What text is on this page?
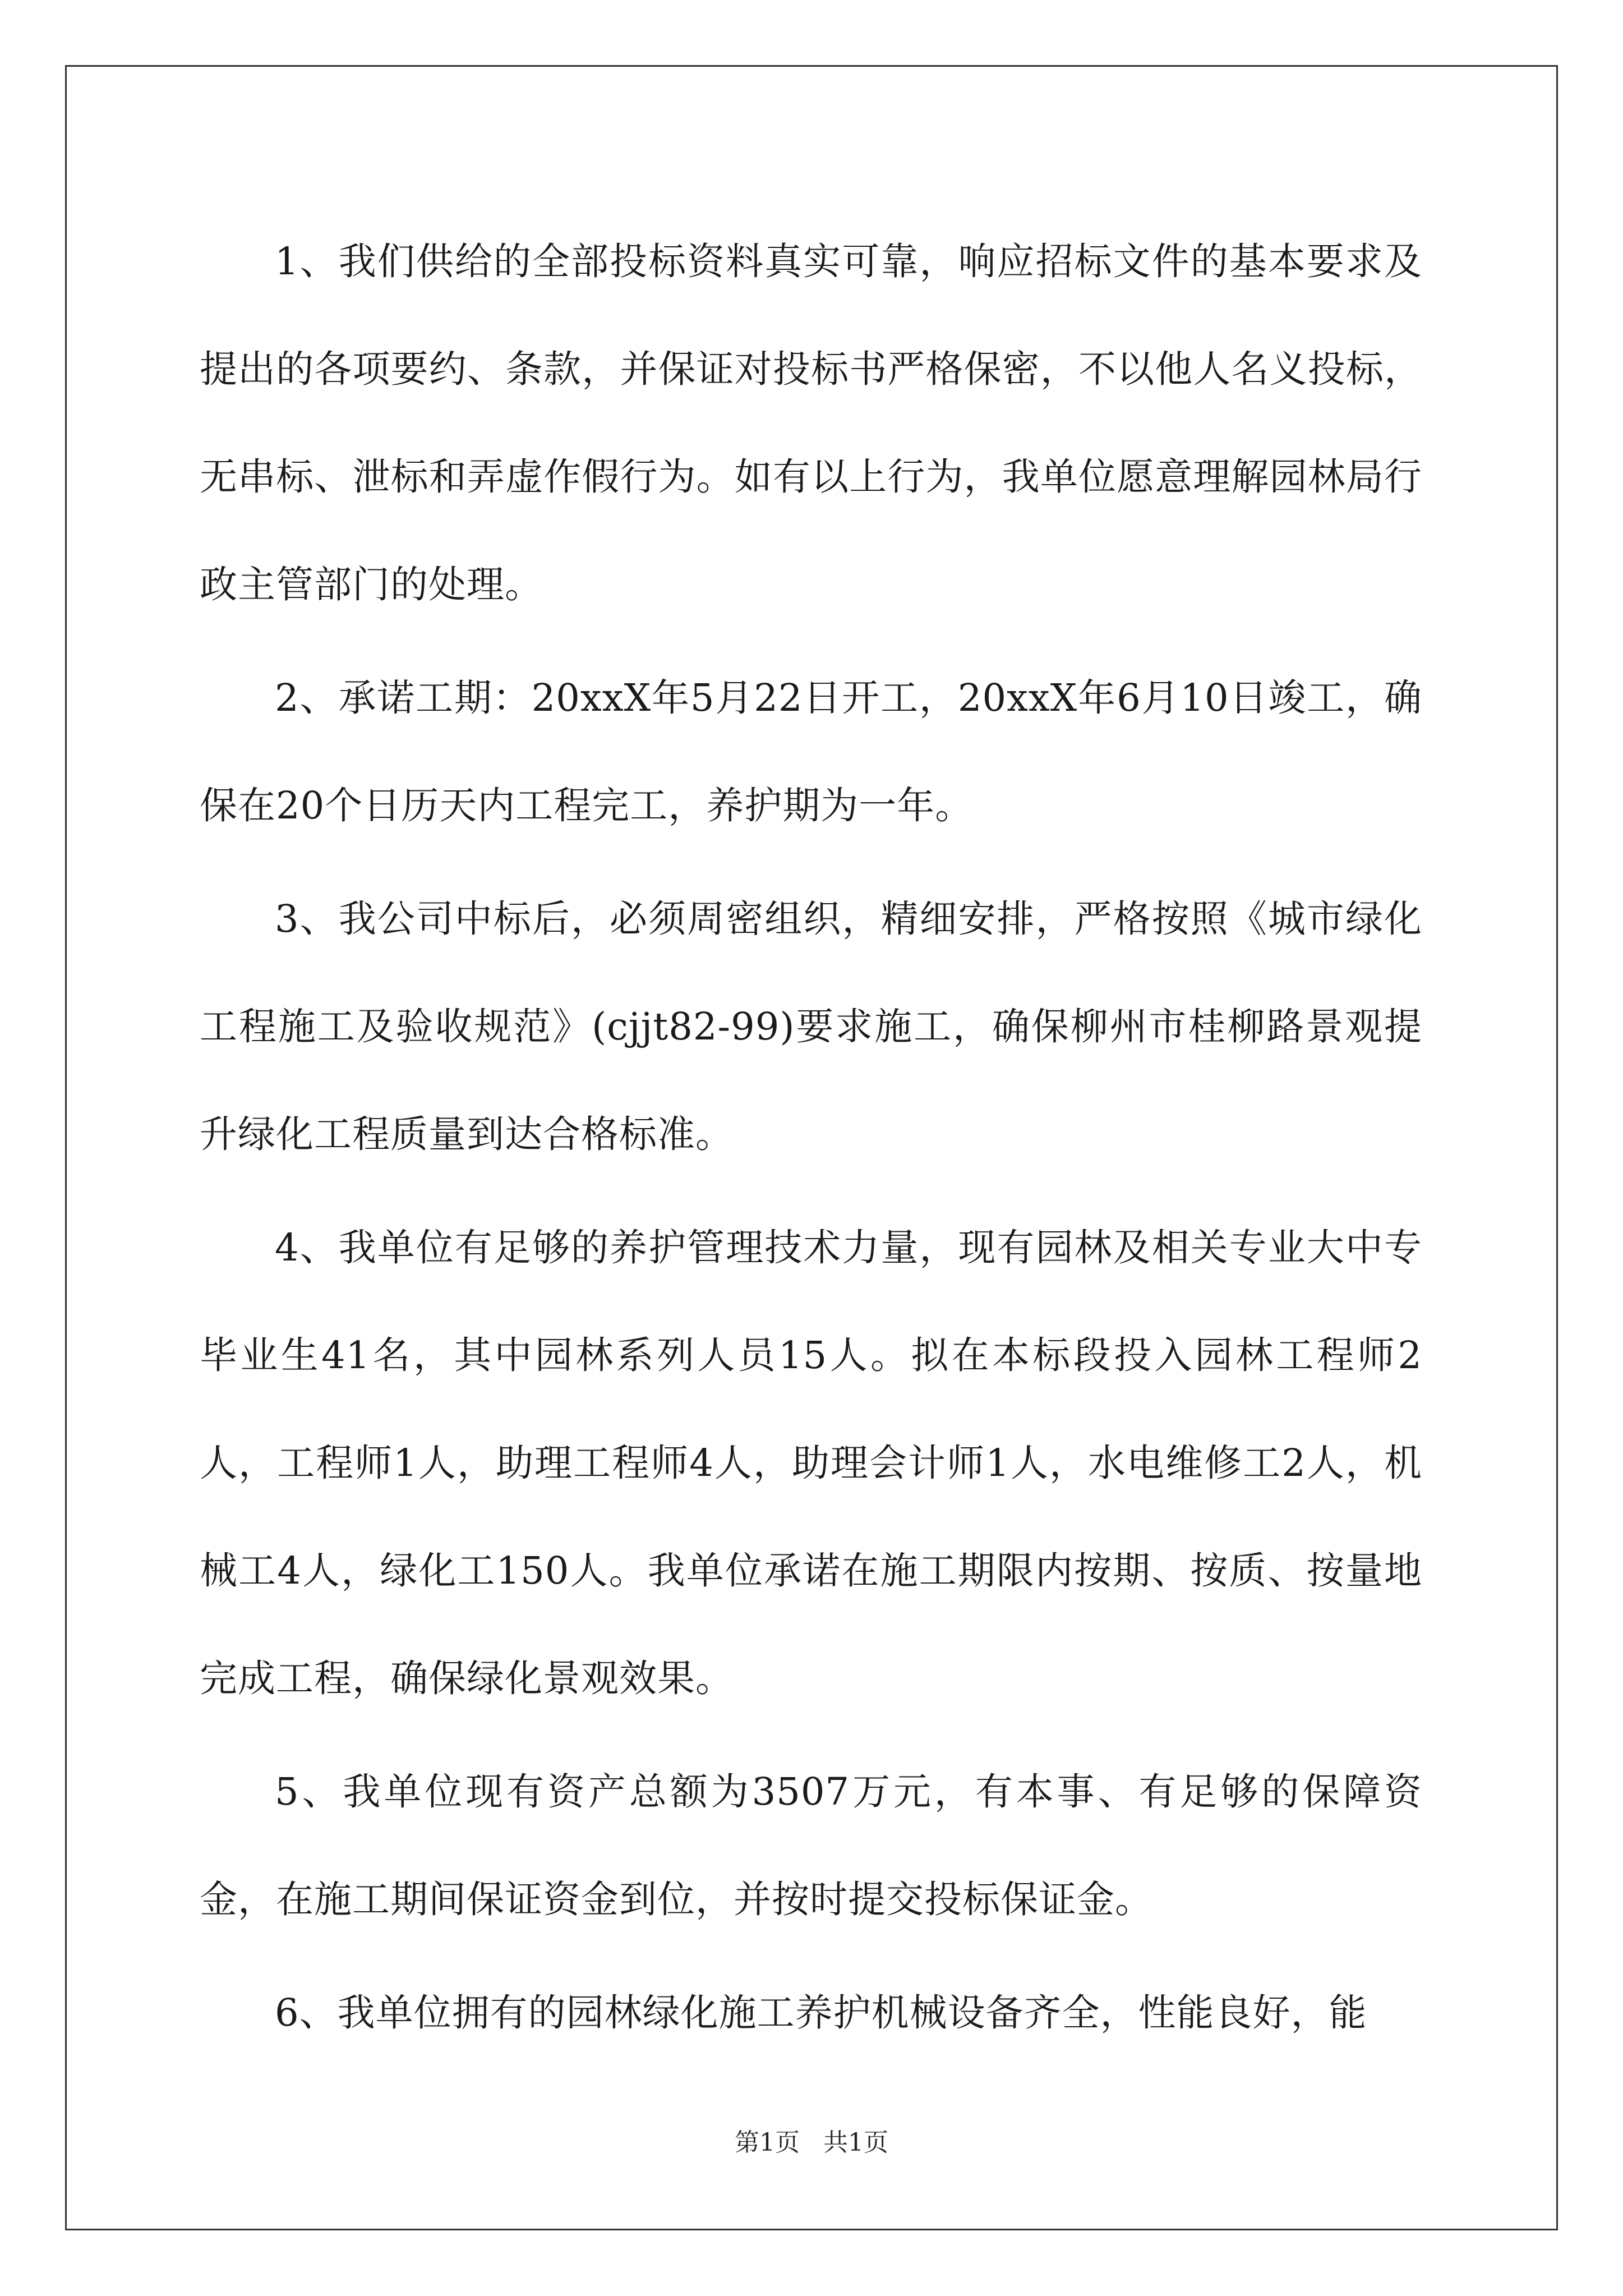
1、我们供给的全部投标资料真实可靠，响应招标文件的基本要求及提出的各项要约、条款，并保证对投标书严格保密，不以他人名义投标，无串标、泄标和弄虚作假行为。如有以上行为，我单位愿意理解园林局行政主管部门的处理。

2、承诺工期：20xxX年5月22日开工，20xxX年6月10日竣工，确保在20个日历天内工程完工，养护期为一年。

3、我公司中标后，必须周密组织，精细安排，严格按照《城市绿化工程施工及验收规范》(cjjt82-99)要求施工，确保柳州市桂柳路景观提升绿化工程质量到达合格标准。

4、我单位有足够的养护管理技术力量，现有园林及相关专业大中专毕业生41名，其中园林系列人员15人。拟在本标段投入园林工程师2人，工程师1人，助理工程师4人，助理会计师1人，水电维修工2人，机械工4人，绿化工150人。我单位承诺在施工期限内按期、按质、按量地完成工程，确保绿化景观效果。

5、我单位现有资产总额为3507万元，有本事、有足够的保障资金，在施工期间保证资金到位，并按时提交投标保证金。

6、我单位拥有的园林绿化施工养护机械设备齐全，性能良好，能

第1页 共1页
